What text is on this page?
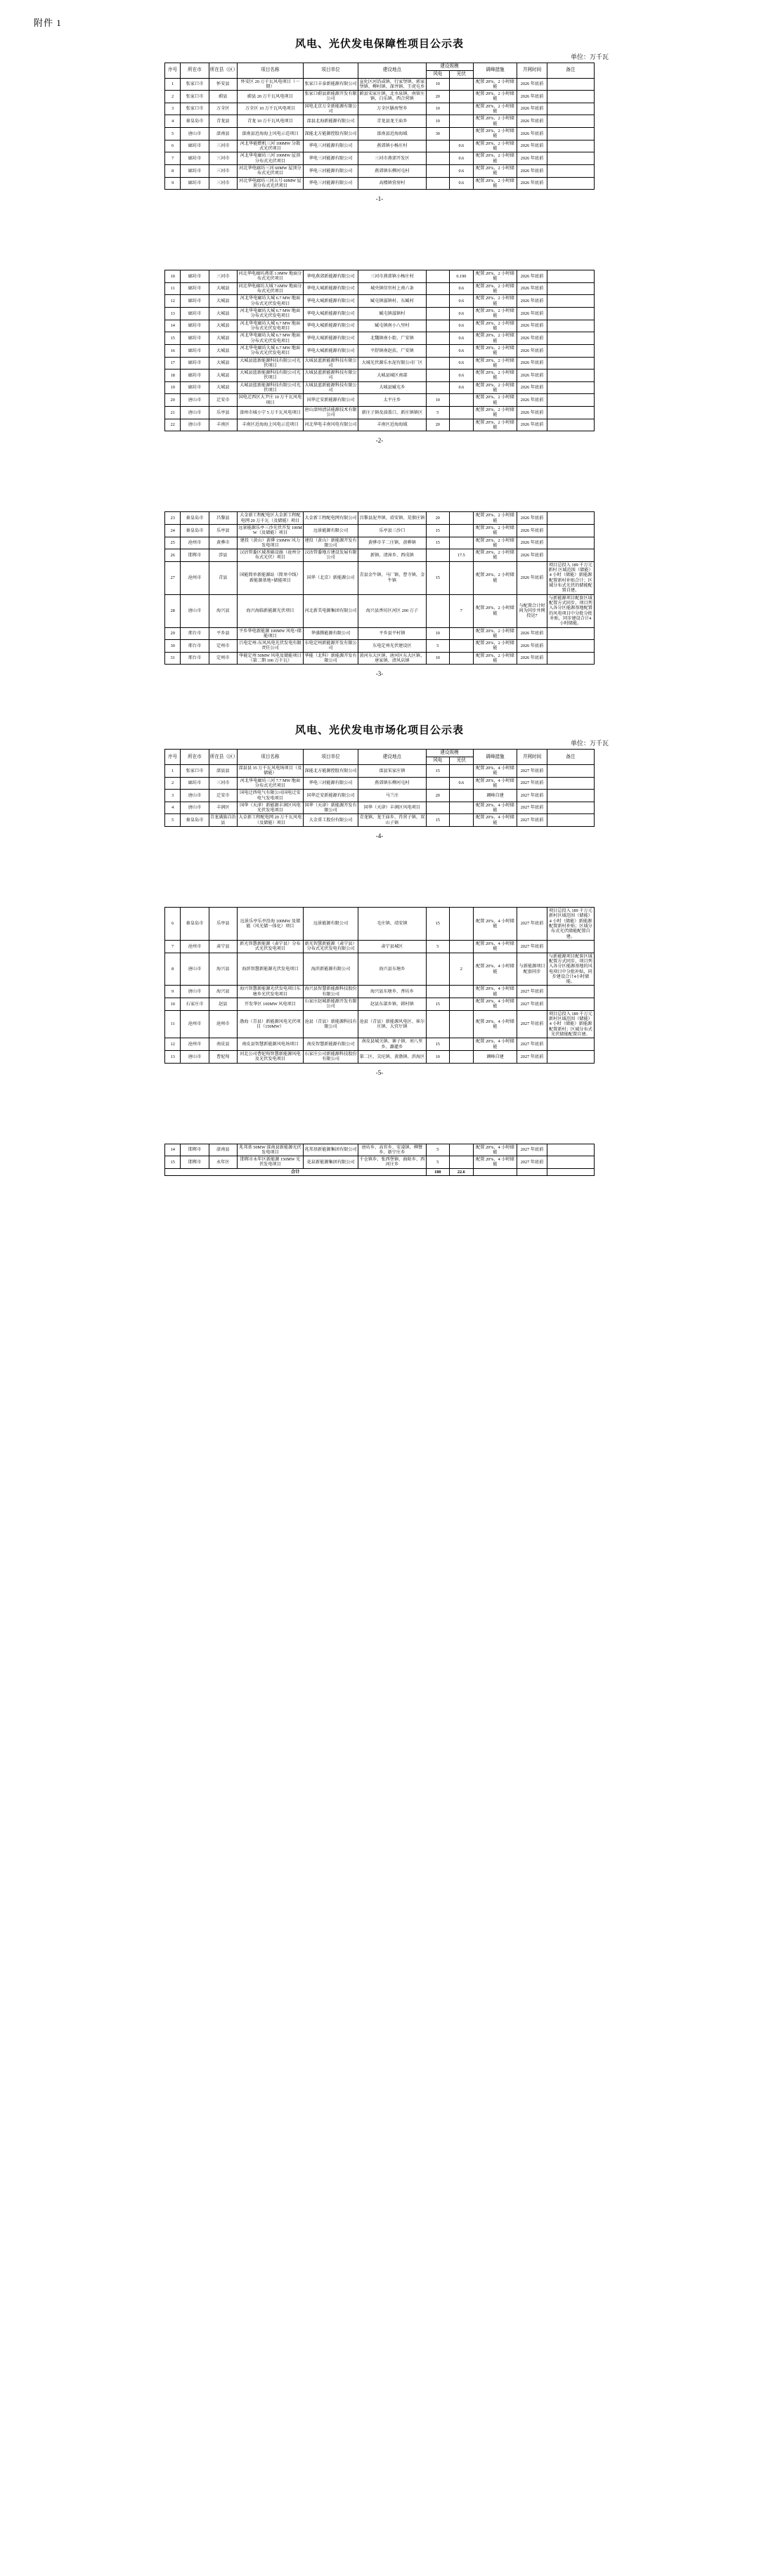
附件 1
风电、光伏发电保障性项目公示表
单位：万千瓦
序号	所在市	所在县（区）	项目名称	项目单位	建设地点	建设规模		调峰措施	并网时间	备注
						风电	光伏			
1	张家口市	怀安县	怀安区 20 万千瓦风电项目（一期）	张家口丰泰新能源有限公司	宣化区河沿或镇、行家堡镇、郭家堡镇、柳村镇、深井镇、王虎屯乡	10		配置 20%、2 小时储能	2026 年底前	
2	张家口市	蔚县	蔚县 20 万千瓦风电项目	张家口蔚县新能源开发有限公司	蔚县宋家庄镇、北水泉镇、南留庄镇、白乐镇、西合营镇	20		配置 20%、2 小时储能	2026 年底前	
3	张家口市	万全区	万全区 10 万千瓦风电项目	国电北京万全新能源有限公司	万全区膳房堡乡	10		配置 20%、2 小时储能	2026 年底前	
4	秦皇岛市	青龙县	青龙 10 万千瓦风电项目	滦县北海新能源有限公司	青龙县龙王庙乡	10		配置 20%、2 小时储能	2026 年底前	
5	唐山市	滦南县	滦南县近海海上风电示范项目	深能北方能源控股有限公司	滦南县近海海域	30		配置 20%、2 小时储能	2026 年底前	
6	廊坊市	三河市	河北华能燃机三河 100MW 分散式光伏项目	华电三河能源有限公司	燕郊镇小杨庄村		0.6	配置 20%、2 小时储能	2026 年底前	
7	廊坊市	三河市	河北华电廊坊三河 100MW 屋顶分布式光伏项目	华电三河能源有限公司	三河市燕郊开发区		0.6	配置 20%、2 小时储能	2026 年底前	
8	廊坊市	三河市	河北华电廊坊三河 60MW 屋顶分布式光伏项目	华电三河能源有限公司	燕郊镇东柳河屯村		0.6	配置 20%、2 小时储能	2026 年底前	
9	廊坊市	三河市	河北华电廊坊三河五号 60MW 屋顶分布式光伏项目	华电三河能源有限公司	高楼镇营房村		0.6	配置 20%、2 小时储能	2026 年底前	
-1-
10	廊坊市	三河市	河北华电廊坊燕郊 1.9MW 地面分布式光伏项目	华电燕郊新能源有限公司	三河市燕郊镇小杨庄村		0.190	配置 20%、2 小时储能	2026 年底前	
11	廊坊市	大城县	河北华电廊坊大城 7.6MW 地面分布式光伏项目	华电大城新能源有限公司	城央镇信官村上南六条		0.6	配置 20%、2 小时储能	2026 年底前	
12	廊坊市	大城县	河北华电廊坊大城 6.7 MW 地面分布式光伏发电项目	华电大城新能源有限公司	臧屯镇滋镇村、东臧村		0.6	配置 20%、2 小时储能	2026 年底前	
13	廊坊市	大城县	河北华电廊坊大城 6.7 MW 地面分布式光伏发电项目	华电大城新能源有限公司	臧屯镇滋镇村		0.6	配置 20%、2 小时储能	2026 年底前	
14	廊坊市	大城县	河北华电廊坊大城 6.7 MW 地面分布式光伏发电项目	华电大城新能源有限公司	臧屯镇南小八里村		0.6	配置 20%、2 小时储能	2026 年底前	
15	廊坊市	大城县	河北华电廊坊大城 6.7 MW 地面分布式光伏发电项目	华电大城新能源有限公司	北魏镇南小街、广安镇		0.6	配置 20%、2 小时储能	2026 年底前	
16	廊坊市	大城县	河北华电廊坊大城 6.7 MW 地面分布式光伏发电项目	华电大城新能源有限公司	平舒镇南赵扶、广安镇		0.6	配置 20%、2 小时储能	2026 年底前	
17	廊坊市	大城县	大城县蓝新能源科技有限公司光伏项目	大城县蓝新能源科技有限公司	大城光伏源乐水泥有限公司厂区		0.6	配置 20%、2 小时储能	2026 年底前	
18	廊坊市	大城县	大城县蓝新能源科技有限公司光伏项目	大城县蓝新能源科技有限公司	大城县城区南部		0.6	配置 20%、2 小时储能	2026 年底前	
19	廊坊市	大城县	大城县蓝新能源科技有限公司光伏项目	大城县蓝新能源科技有限公司	大城县臧屯乡		0.6	配置 20%、2 小时储能	2026 年底前	
20	唐山市	迁安市	国电迁西区大尹庄 10 万千瓦风电项目	国华迁安新能源有限公司	太平庄乡	10		配置 20%、2 小时储能	2026 年底前	
21	唐山市	乐亭县	滦州市城小宁 5 万千瓦风电项目	唐山滦州清洁能源技术有限公司	新庄子镇及油盖口，新庄镇镇区	5		配置 20%、2 小时储能	2026 年底前	
22	唐山市	丰南区	丰南区近海海上风电示范项目	河北华电丰南风电有限公司	丰南区近海海域	20		配置 20%、2 小时储能	2026 年底前	
-2-
23	秦皇岛市	昌黎县	大金新工程配电区大金新工程配电网 20 万千瓦（及储能）项目	大金新工程配电网有限公司	昌黎县泥井镇、靖安镇、荒佃庄镇	20		配置 20%、2 小时储能	2026 年底前	
24	秦皇岛市	乐亭县	远景能源乐亭三沙光伏开发 100MW（及储能）项目	远景能源有限公司	乐亭县三沙口	15		配置 20%、2 小时储能	2026 年底前	
25	沧州市	黄骅市	建投（黄山）黄骅 150MW 风力发电项目	建投（黄山）新能源开发有限公司	黄骅市羊二庄镇、黄骅镇	15		配置 20%、2 小时储能	2026 年底前	
26	邯郸市	涉县	汉沽管委区域基础设施（沧州分布式光伏）项目	汉沽管委地方建设发展有限公司	新镇、清漳乡、西戌镇		17.5	配置 20%、2 小时储能	2026 年底前	
27	沧州市	青县	国能简单新能源站（简单中线）新能源基地+储能项目	国华（北京）新能源公司	青县金牛镇、马厂镇、曹寺镇、金牛镇	15		配置 20%、2 小时储能	2026 年底前	项目总投入 189 千万元新村 区域范围（储能）4 小时（储能）新能源配置新村补贴合计；区域分布式光伏的储能配置自建。
28	唐山市	海兴县	海兴海临新能源光伏项目	河北新美电源集团有限公司	海兴县香坊区河区 200 万子		7	配置 20%、2 小时储能	与配置合计时间为同步并网投运7	与新能源项目配套区域配置方式同步，项目列入各分区能源基地配置的风电项目中分批分批补贴，同步建设合计4小时储能。
29	邢台市	平乡县	平乡华电新能源 100MW 风电+储能项目	华盛腾能源有限公司	平乡县平村镇	10		配置 20%、2 小时储能	2026 年底前	
30	邢台市	定州市	吕电定州-东风风电光伏发电有限责任公司	东电定州新能源开发有限公司	东电定州光伏建设区	5		配置 20%、2 小时储能	2026 年底前	
31	邢台市	定州市	华能定州 50MW 风电及储能项目（第二期 100 万千瓦）	华能（北科）新能源开发有限公司	黄河东大区镇、唐河区东大区镇、唐家镇、清风店镇	10		配置 20%、2 小时储能	2026 年底前	
-3-
风电、光伏发电市场化项目公示表
单位：万千瓦
序号	所在市	所在县（区）	项目名称	项目单位	建设地点	建设规模		调峰措施	并网时间	备注
						风电	光伏			
1	张家口市	滦县县	滦县县 35 万千瓦风电场项目（及储能）	深能北方能源控股有限公司	滦县宋家庄镇	15		配置 20%、4 小时储能	2027 年底前	
2	廊坊市	三河市	河北华电廊坊三河 7.7 MW 地面分布式光伏项目	华电三河能源有限公司	燕郊镇东柳河屯村		0.6	配置 20%、4 小时储能	2027 年底前	
3	唐山市	迁安市	国电迁西电气有限公司国电迁安电气发电项目	国华迁安新能源有限公司	马兰庄	20		调峰自建	2027 年底前	
4	唐山市	丰润区	国华（天津）新能源丰润区风电光伏发电项目	国华（天津）新能源开发有限公司	国华（天津）丰润区风电项目			配置 20%、4 小时储能	2027 年底前	
5	秦皇岛市	青龙满族自治县	大金新工程配电网 20 万千瓦风电（及储能）项目	大金重工股份有限公司	青龙镇、龙王庙乡、肖营子镇、双山子镇	15		配置 20%、4 小时储能	2027 年底前	
-4-
6	秦皇岛市	乐亭县	远景乐亭乐亭沿海 100MW 及储能（风光储一体化）项目	远景能源有限公司	毛庄镇、靖安镇	15		配置 20%、4 小时储能	2027 年底前	项目总投入 189 千万元新村区域范围（储能）4 小时（储能）新能源配置新村补贴；区域分布式光伏储能配置自建。
7	沧州市	肃宁县	新光智慧新能源（肃宁县）分布式光伏发电项目	新光智慧新能源（肃宁县）分布式光伏发电有限公司	肃宁县城区	5		配置 20%、4 小时储能	2027 年底前	
8	唐山市	海兴县	海滨智慧新能源光伏发电项目	海滨新能源有限公司	海兴县东塘乡		2	配置 20%、4 小时储能	与新能源项目配套同步	与新能源项目配套区域配置方式同步，项目列入各分区能源基地的风电项目中分批补贴，同步建设合计4小时储能。
9	唐山市	海兴县	海兴智慧新能源光伏发电项目东塘乡光伏发电项目	海兴县智慧新能源科技股份有限公司	海兴县东塘乡、香坊乡			配置 20%、4 小时储能	2027 年底前	
10	石家庄市	赵县	开发华区 100MW 风电项目	石家庄赵城新能源开发有限公司	赵县东部乡镇、韩村镇	15		配置 20%、4 小时储能	2027 年底前	
11	沧州市	沧州市	渤海（青县）新能源风电光伏项目（150MW）	沧县（青县）新能源科技有限公司	沧县（青县）新能源风电区、崔尔庄镇、大官厅镇			配置 20%、4 小时储能	2027 年底前	项目总投入 189 千万元新村区域范围（储能）4 小时（储能）新能源配置新村；区域分布式光伏储能配置自建。
12	沧州市	南皮县	南皮县智慧新能源风电场项目	南皮智慧新能源有限公司	南皮县城关镇、寨子镇、刘八里乡、潞灌乡	15		配置 20%、4 小时储能	2027 年底前	
13	唐山市	曹妃甸	河北公司曹妃甸智慧新能源风电及光伏发电项目	石家庄公司新能源科技股份有限公司	第二区、尖坨镇、黄渤镇、滨海区	10		调峰自建	2027 年底前	
-5-
14	邯郸市	滦南县	兆邦基 50MW 滦南县新能源光伏发电项目	兆邦基新能源集团有限公司	唐坊乡、高官乡、安凌镇、柳赞乡、新宁庄乡	5		配置 20%、4 小时储能	2027 年底前	
15	邯郸市	永年区	邯郸市永年区新能源 150MW 光伏发电项目	花泉新能源集团有限公司	千仓镇乡、张西堡镇、曲陌乡、西河庄乡	5		配置 20%、4 小时储能	2027 年底前	
合计						180	22.6			
